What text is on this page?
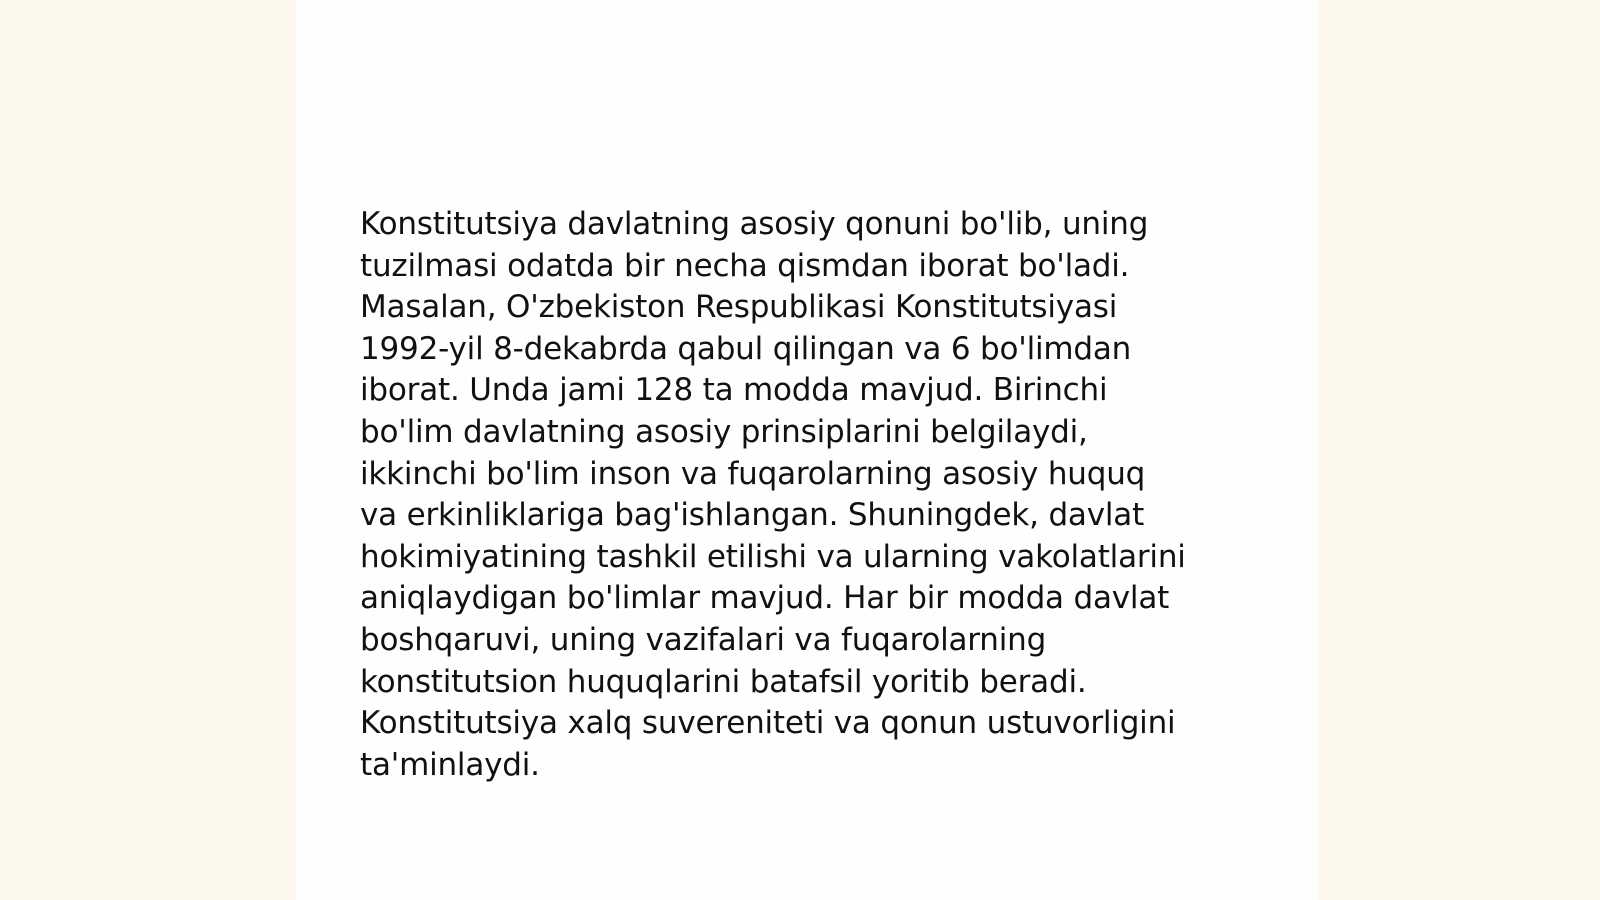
Konstitutsiya davlatning asosiy qonuni bo'lib, uning
tuzilmasi odatda bir necha qismdan iborat bo'ladi.
Masalan, O'zbekiston Respublikasi Konstitutsiyasi
1992-yil 8-dekabrda qabul qilingan va 6 bo'limdan
iborat. Unda jami 128 ta modda mavjud. Birinchi
bo'lim davlatning asosiy prinsiplarini belgilaydi,
ikkinchi bo'lim inson va fuqarolarning asosiy huquq
va erkinliklariga bag'ishlangan. Shuningdek, davlat
hokimiyatining tashkil etilishi va ularning vakolatlarini
aniqlaydigan bo'limlar mavjud. Har bir modda davlat
boshqaruvi, uning vazifalari va fuqarolarning
konstitutsion huquqlarini batafsil yoritib beradi.
Konstitutsiya xalq suvereniteti va qonun ustuvorligini
ta'minlaydi.
